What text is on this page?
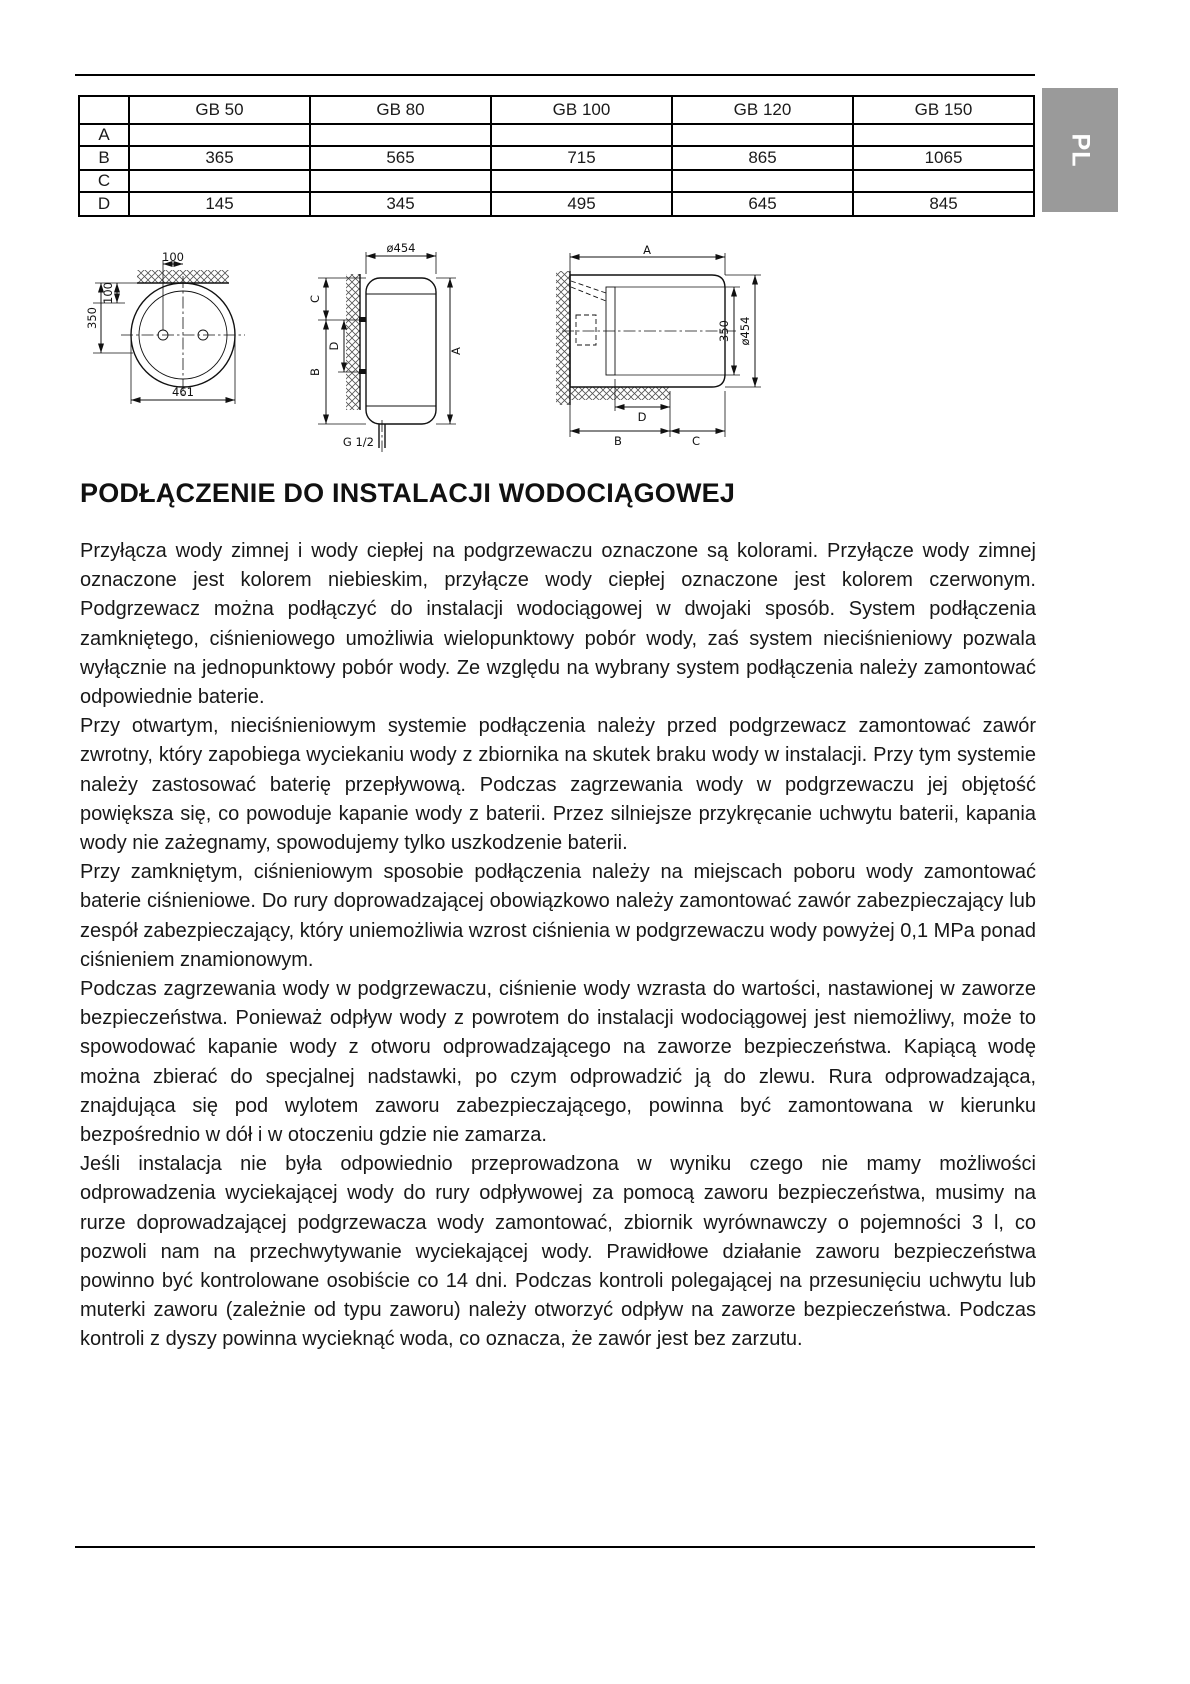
	GB 50	GB 80	GB 100	GB 120	GB 150
A					
B	365	565	715	865	1065
C					
D	145	345	495	645	845
PL
100
100
350
461
ø454
A
C
B
D
G 1/2
A
350 ø454
D
B	C
PODŁĄCZENIE DO INSTALACJI WODOCIĄGOWEJ

Przyłącza wody zimnej i wody ciepłej na podgrzewaczu oznaczone są kolorami. Przyłącze wody zimnej oznaczone jest kolorem niebieskim, przyłącze wody ciepłej oznaczone jest kolorem czerwonym. Podgrzewacz można podłączyć do instalacji wodociągowej w dwojaki sposób. System podłączenia zamkniętego, ciśnieniowego umożliwia wielopunktowy pobór wody, zaś system nieciśnieniowy pozwala wyłącznie na jednopunktowy pobór wody. Ze względu na wybrany system podłączenia należy zamontować odpowiednie baterie.

Przy otwartym, nieciśnieniowym systemie podłączenia należy przed podgrzewacz zamontować zawór zwrotny, który zapobiega wyciekaniu wody z zbiornika na skutek braku wody w instalacji. Przy tym systemie należy zastosować baterię przepływową. Podczas zagrzewania wody w podgrzewaczu jej objętość powiększa się, co powoduje kapanie wody z baterii. Przez silniejsze przykręcanie uchwytu baterii, kapania wody nie zażegnamy, spowodujemy tylko uszkodzenie baterii.

Przy zamkniętym, ciśnieniowym sposobie podłączenia należy na miejscach poboru wody zamontować baterie ciśnieniowe. Do rury doprowadzającej obowiązkowo należy zamontować zawór zabezpieczający lub zespół zabezpieczający, który uniemożliwia wzrost ciśnienia w podgrzewaczu wody powyżej 0,1 MPa ponad ciśnieniem znamionowym.

Podczas zagrzewania wody w podgrzewaczu, ciśnienie wody wzrasta do wartości, nastawionej w zaworze bezpieczeństwa. Ponieważ odpływ wody z powrotem do instalacji wodociągowej jest niemożliwy, może to spowodować kapanie wody z otworu odprowadzającego na zaworze bezpieczeństwa. Kapiącą wodę można zbierać do specjalnej nadstawki, po czym odprowadzić ją do zlewu. Rura odprowadzająca, znajdująca się pod wylotem zaworu zabezpieczającego, powinna być zamontowana w kierunku bezpośrednio w dół i w otoczeniu gdzie nie zamarza.

Jeśli instalacja nie była odpowiednio przeprowadzona w wyniku czego nie mamy możliwości odprowadzenia wyciekającej wody do rury odpływowej za pomocą zaworu bezpieczeństwa, musimy na rurze doprowadzającej podgrzewacza wody zamontować, zbiornik wyrównawczy o pojemności 3 l, co pozwoli nam na przechwytywanie wyciekającej wody. Prawidłowe działanie zaworu bezpieczeństwa powinno być kontrolowane osobiście co 14 dni. Podczas kontroli polegającej na przesunięciu uchwytu lub muterki zaworu (zależnie od typu zaworu) należy otworzyć odpływ na zaworze bezpieczeństwa. Podczas kontroli z dyszy powinna wycieknąć woda, co oznacza, że zawór jest bez zarzutu.
